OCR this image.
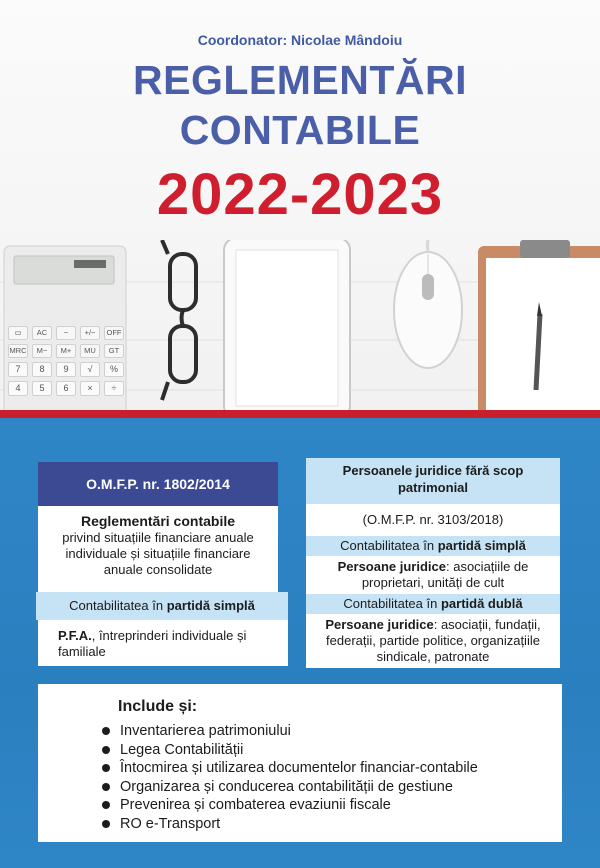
Coordonator: Nicolae Mândoiu
REGLEMENTĂRI
CONTABILE
2022-2023
▭	AC	−	+/−	OFF
MRC	M−	M+	MU	GT
7	8	9	√	%
4	5	6	×	÷
O.M.F.P. nr. 1802/2014
Reglementări contabile
privind situațiile financiare anuale individuale și situațiile financiare anuale consolidate
Contabilitatea în partidă simplă
P.F.A., întreprinderi individuale și familiale
Persoanele juridice fără scop patrimonial
(O.M.F.P. nr. 3103/2018)
Contabilitatea în partidă simplă
Persoane juridice: asociațiile de proprietari, unități de cult
Contabilitatea în partidă dublă
Persoane juridice: asociații, fundații, federații, partide politice, organizațiile sindicale, patronate
Include și:
Inventarierea patrimoniului
Legea Contabilității
Întocmirea și utilizarea documentelor financiar-contabile
Organizarea și conducerea contabilității de gestiune
Prevenirea și combaterea evaziunii fiscale
RO e-Transport
